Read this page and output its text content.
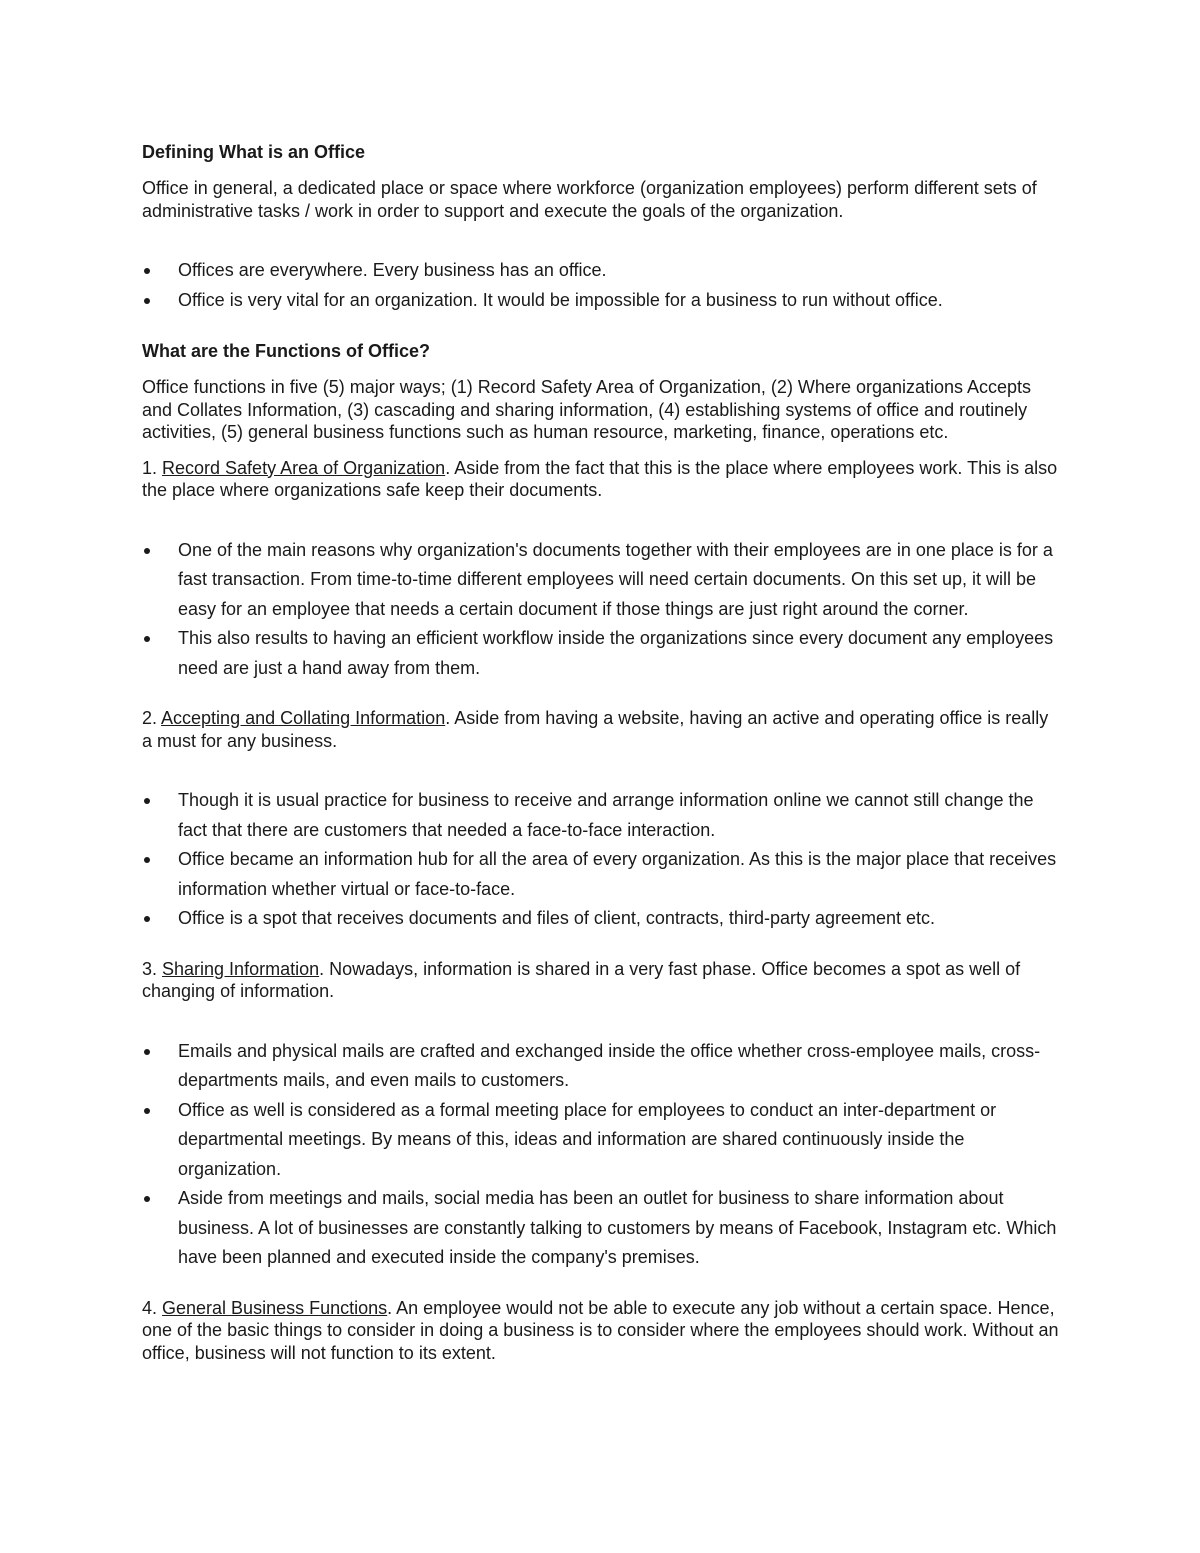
Defining What is an Office

Office in general, a dedicated place or space where workforce (organization employees) perform different sets of administrative tasks / work in order to support and execute the goals of the organization.

Offices are everywhere. Every business has an office.
Office is very vital for an organization. It would be impossible for a business to run without office.
What are the Functions of Office?

Office functions in five (5) major ways; (1) Record Safety Area of Organization, (2) Where organizations Accepts and Collates Information, (3) cascading and sharing information, (4) establishing systems of office and routinely activities, (5) general business functions such as human resource, marketing, finance, operations etc.

1. Record Safety Area of Organization. Aside from the fact that this is the place where employees work. This is also the place where organizations safe keep their documents.

One of the main reasons why organization's documents together with their employees are in one place is for a fast transaction. From time-to-time different employees will need certain documents. On this set up, it will be easy for an employee that needs a certain document if those things are just right around the corner.
This also results to having an efficient workflow inside the organizations since every document any employees need are just a hand away from them.

2. Accepting and Collating Information. Aside from having a website, having an active and operating office is really a must for any business.

Though it is usual practice for business to receive and arrange information online we cannot still change the fact that there are customers that needed a face-to-face interaction.
Office became an information hub for all the area of every organization. As this is the major place that receives information whether virtual or face-to-face.
Office is a spot that receives documents and files of client, contracts, third-party agreement etc.

3. Sharing Information. Nowadays, information is shared in a very fast phase. Office becomes a spot as well of changing of information.

Emails and physical mails are crafted and exchanged inside the office whether cross-employee mails, cross-departments mails, and even mails to customers.
Office as well is considered as a formal meeting place for employees to conduct an inter-department or departmental meetings. By means of this, ideas and information are shared continuously inside the organization.
Aside from meetings and mails, social media has been an outlet for business to share information about business. A lot of businesses are constantly talking to customers by means of Facebook, Instagram etc. Which have been planned and executed inside the company's premises.

4. General Business Functions. An employee would not be able to execute any job without a certain space. Hence, one of the basic things to consider in doing a business is to consider where the employees should work. Without an office, business will not function to its extent.
